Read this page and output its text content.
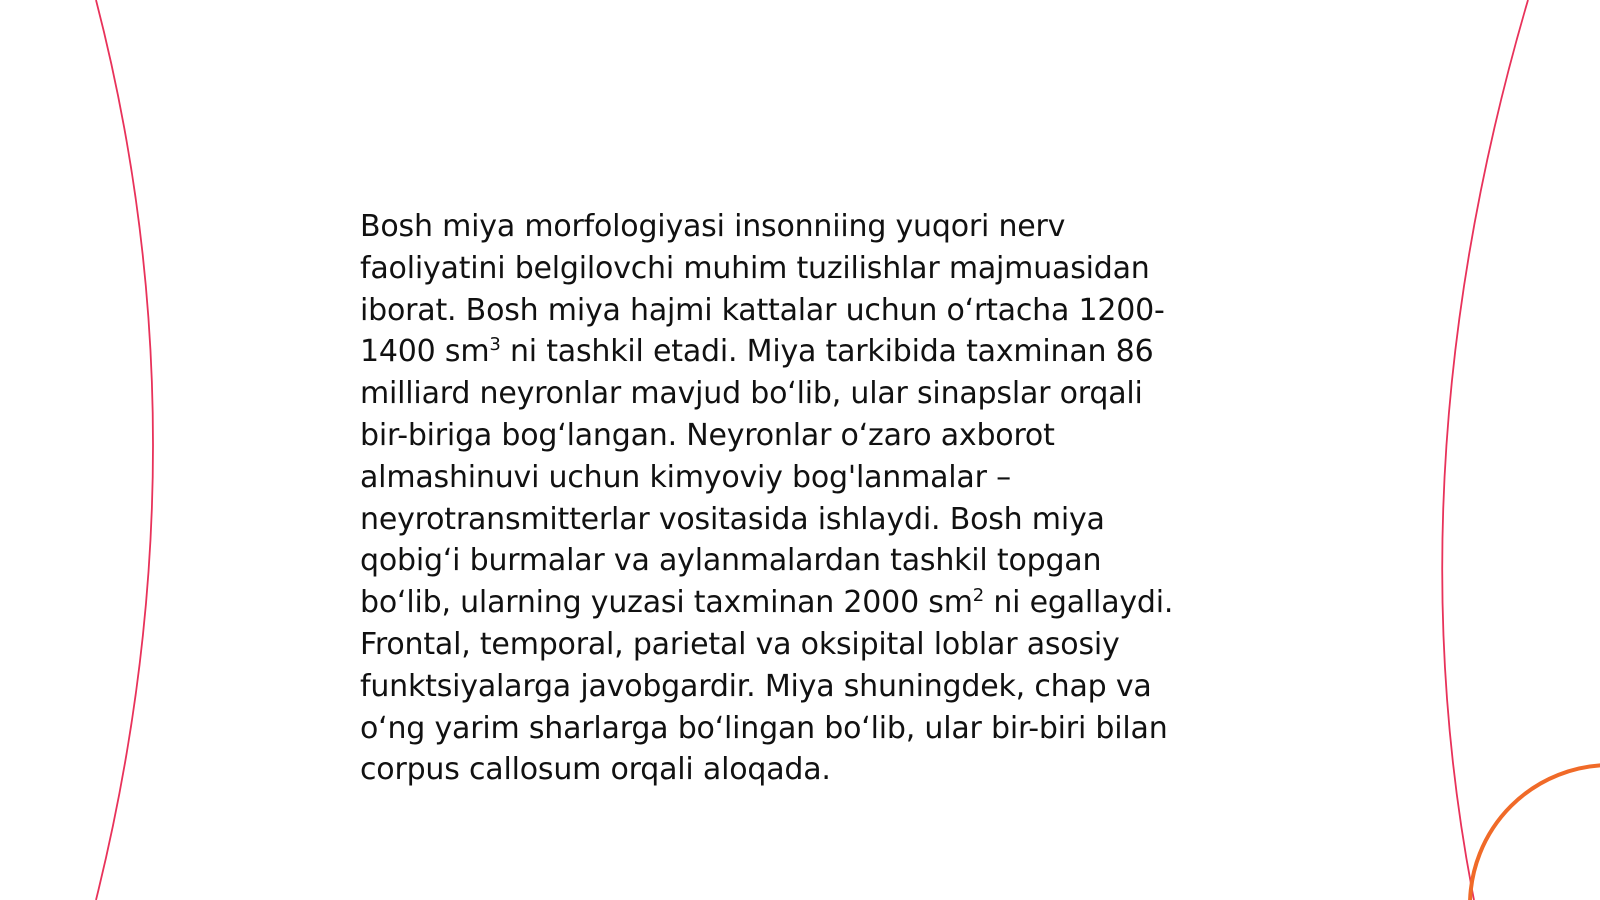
Bosh miya morfologiyasi insonniing yuqori nerv
faoliyatini belgilovchi muhim tuzilishlar majmuasidan
iborat. Bosh miya hajmi kattalar uchun oʻrtacha 1200-
1400 $sm^3$ ni tashkil etadi. Miya tarkibida taxminan 86
milliard neyronlar mavjud boʻlib, ular sinapslar orqali
bir-biriga bogʻlangan. Neyronlar oʻzaro axborot
almashinuvi uchun kimyoviy bog'lanmalar –
neyrotransmitterlar vositasida ishlaydi. Bosh miya
qobigʻi burmalar va aylanmalardan tashkil topgan
boʻlib, ularning yuzasi taxminan 2000 $sm^2$ ni egallaydi.
Frontal, temporal, parietal va oksipital loblar asosiy
funktsiyalarga javobgardir. Miya shuningdek, chap va
oʻng yarim sharlarga boʻlingan boʻlib, ular bir-biri bilan
corpus callosum orqali aloqada.
